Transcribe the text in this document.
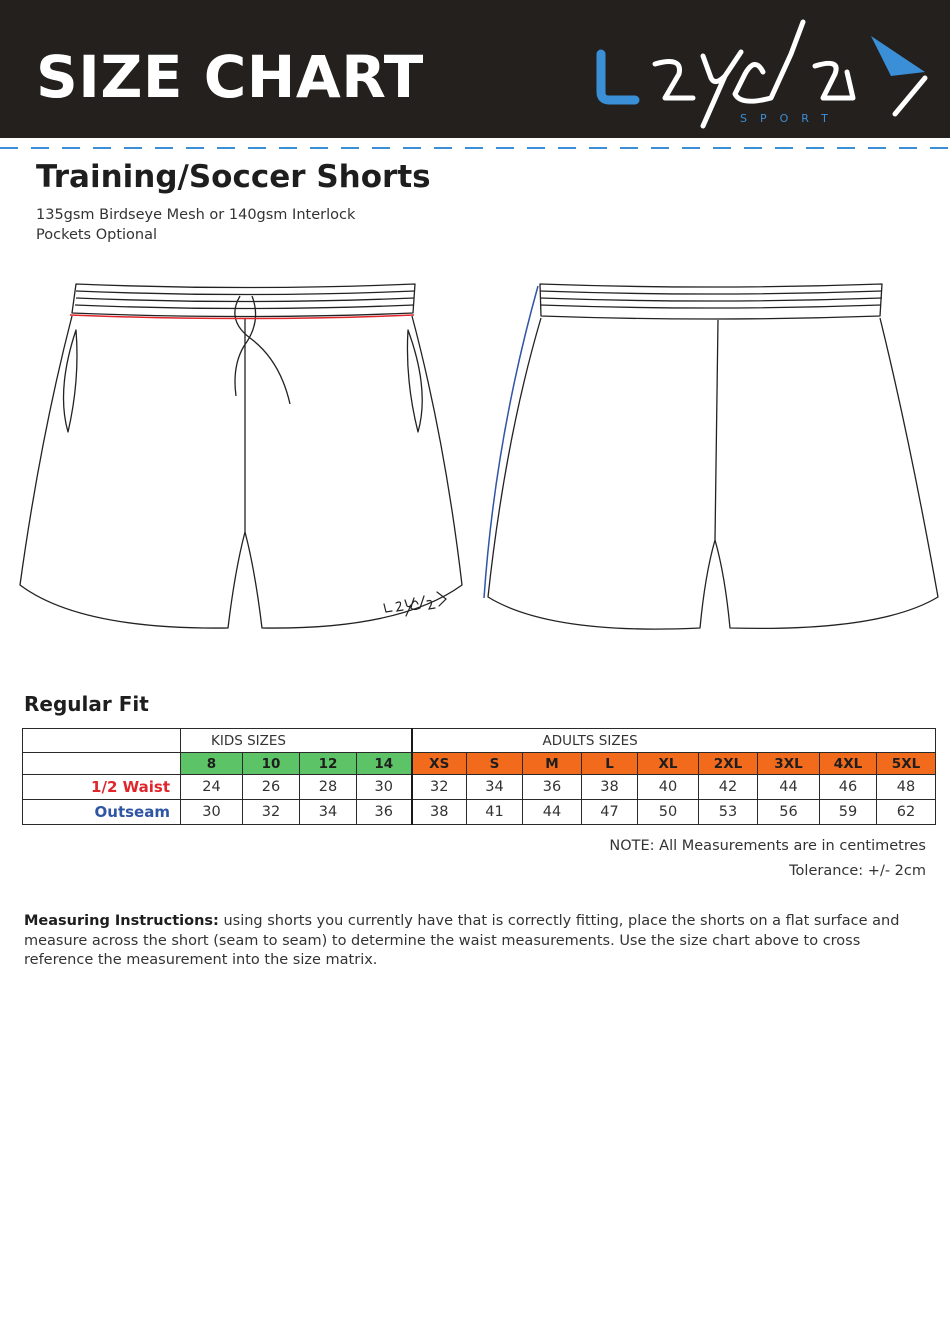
SIZE CHART
SPORT
Training/Soccer Shorts
135gsm Birdseye Mesh or 140gsm Interlock
Pockets Optional
Regular Fit
	KIDS SIZES				ADULTS SIZES								
	8	10	12	14	XS	S	M	L	XL	2XL	3XL	4XL	5XL
1/2 Waist	24	26	28	30	32	34	36	38	40	42	44	46	48
Outseam	30	32	34	36	38	41	44	47	50	53	56	59	62
NOTE: All Measurements are in centimetres
Tolerance: +/- 2cm

Measuring Instructions: using shorts you currently have that is correctly fitting, place the shorts on a flat surface and measure across the short (seam to seam) to determine the waist measurements. Use the size chart above to cross reference the measurement into the size matrix.
